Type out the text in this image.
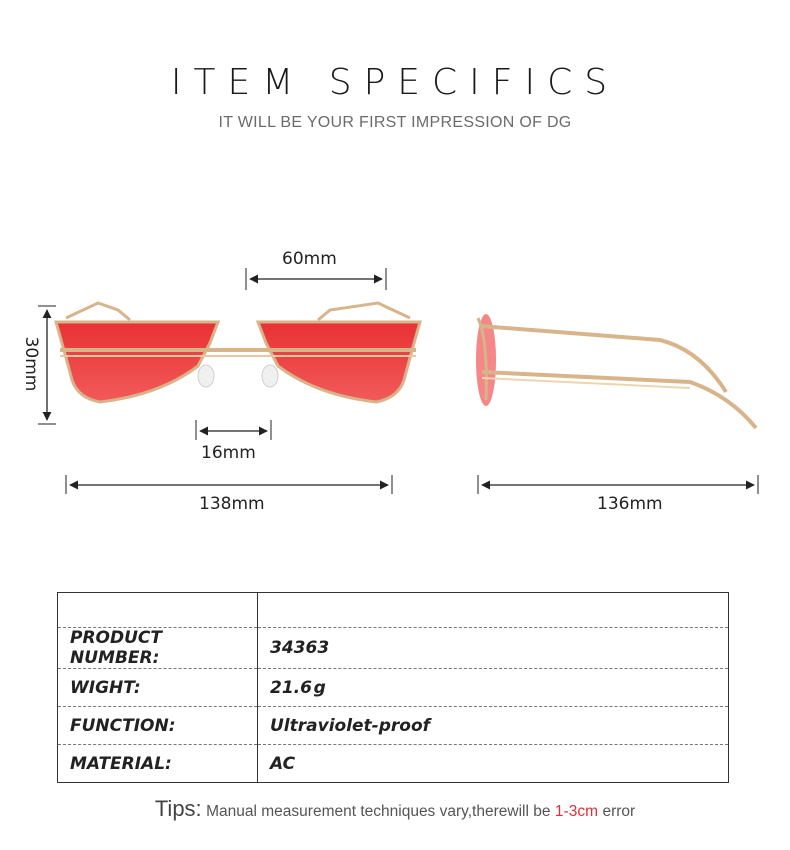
ITEM SPECIFICS
IT WILL BE YOUR FIRST IMPRESSION OF DG
60mm
30mm
16mm
138mm	136mm

PRODUCT NUMBER:	34363
WIGHT:	21.6 g
FUNCTION:	Ultraviolet-proof
MATERIAL:	AC
Tips: Manual measurement techniques vary,therewill be 1-3cm error
